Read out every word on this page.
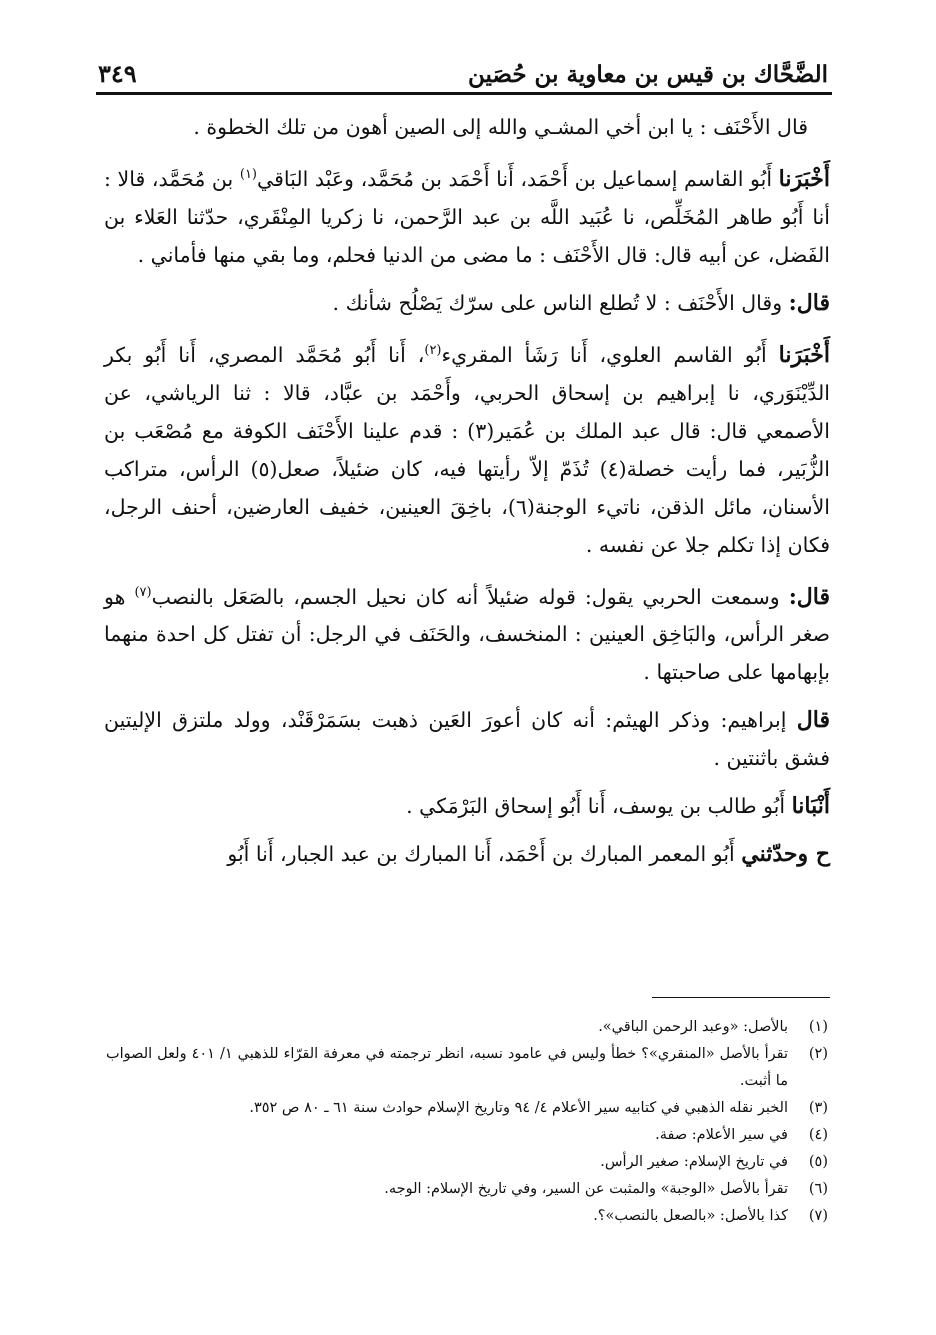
الضَّحَّاك بن قيس بن معاوية بن حُصَين
٣٤٩

قال الأَحْنَف : يا ابن أخي المشـي والله إلى الصين أهون من تلك الخطوة .

أَخْبَرَنا أَبُو القاسم إسماعيل بن أَحْمَد، أَنا أَحْمَد بن مُحَمَّد، وعَبْد البَاقي$^{(١)}$ بن مُحَمَّد، قالا : أنا أَبُو طاهر المُخَلِّص، نا عُبَيد اللَّه بن عبد الرَّحمن، نا زكريا المِنْقَري، حدّثنا العَلاء بن الفَضل، عن أبيه قال: قال الأَحْنَف : ما مضى من الدنيا فحلم، وما بقي منها فأماني .

قال: وقال الأَحْنَف : لا تُطلع الناس على سرّك يَصْلُح شأنك .

أَخْبَرَنا أَبُو القاسم العلوي، أَنا رَشَأ المقريء$^{(٢)}$، أَنا أَبُو مُحَمَّد المصري، أَنا أَبُو بكر الدِّيْنَوَري، نا إبراهيم بن إسحاق الحربي، وأَحْمَد بن عبَّاد، قالا : ثنا الرياشي، عن الأصمعي قال: قال عبد الملك بن عُمَير(٣) : قدم علينا الأَحْنَف الكوفة مع مُصْعَب بن الزُّبَير، فما رأيت خصلة(٤) تُذَمّ إلاّ رأيتها فيه، كان ضئيلاً، صعل(٥) الرأس، متراكب الأسنان، مائل الذقن، ناتيء الوجنة(٦)، باخِقَ العينين، خفيف العارضين، أحنف الرجل، فكان إذا تكلم جلا عن نفسه .

قال: وسمعت الحربي يقول: قوله ضئيلاً أنه كان نحيل الجسم، بالصَعَل بالنصب$^{(٧)}$ هو صغر الرأس، والبَاخِق العينين : المنخسف، والحَنَف في الرجل: أن تفتل كل احدة منهما بإبهامها على صاحبتها .

قال إبراهيم: وذكر الهيثم: أنه كان أعورَ العَين ذهبت بسَمَرْقَنْد، وولد ملتزق الإليتين فشق باثنتين .

أَنْبَانا أَبُو طالب بن يوسف، أَنا أَبُو إسحاق البَرْمَكي .

ح وحدّثني أَبُو المعمر المبارك بن أَحْمَد، أَنا المبارك بن عبد الجبار، أَنا أَبُو

(١)
بالأصل: «وعبد الرحمن الباقي».
(٢)
تقرأ بالأصل «المنقري»؟ خطأ وليس في عامود نسبه، انظر ترجمته في معرفة القرّاء للذهبي ١/ ٤٠١ ولعل الصواب ما أثبت.
(٣)
الخبر نقله الذهبي في كتابيه سير الأعلام ٤/ ٩٤ وتاريخ الإسلام حوادث سنة ٦١ ـ ٨٠ ص ٣٥٢.
(٤)
في سير الأعلام: صفة.
(٥)
في تاريخ الإسلام: صغير الرأس.
(٦)
تقرأ بالأصل «الوجبة» والمثبت عن السير، وفي تاريخ الإسلام: الوجه.
(٧)
كذا بالأصل: «بالصعل بالنصب»؟.
